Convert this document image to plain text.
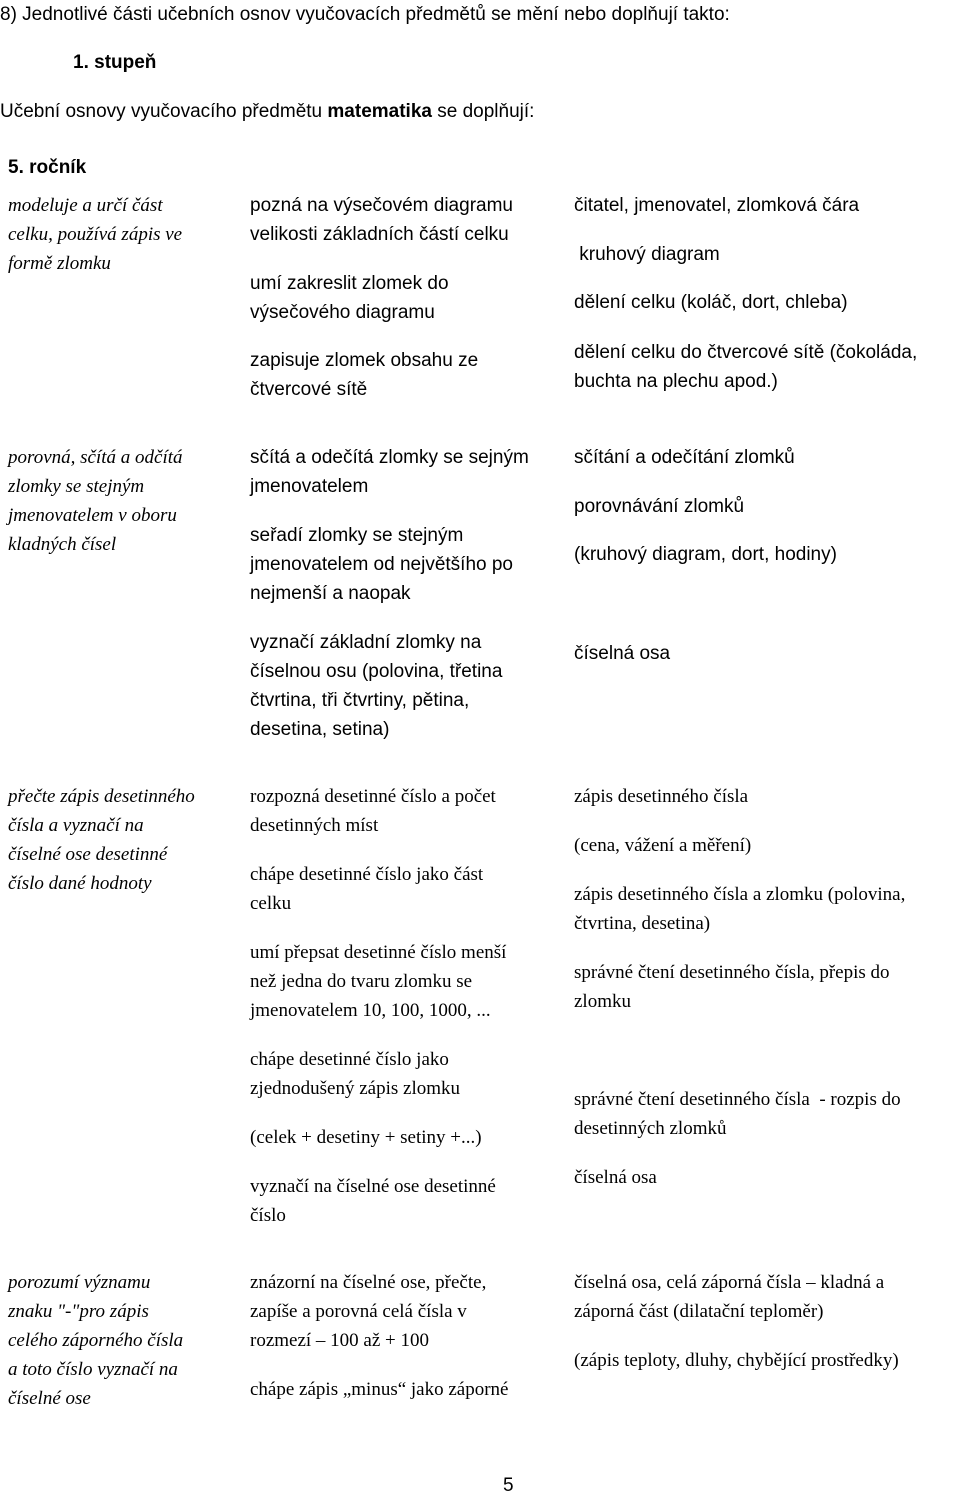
8) Jednotlivé části učebních osnov vyučovacích předmětů se mění nebo doplňují takto:
1. stupeň
Učební osnovy vyučovacího předmětu matematika se doplňují:
5. ročník
modeluje a určí část
celku, používá zápis ve
formě zlomku
pozná na výsečovém diagramu
velikosti základních částí celku
umí zakreslit zlomek do
výsečového diagramu
zapisuje zlomek obsahu ze
čtvercové sítě
čitatel, jmenovatel, zlomková čára
kruhový diagram
dělení celku (koláč, dort, chleba)
dělení celku do čtvercové sítě (čokoláda,
buchta na plechu apod.)
porovná, sčítá a odčítá
zlomky se stejným
jmenovatelem v oboru
kladných čísel
sčítá a odečítá zlomky se sejným
jmenovatelem
seřadí zlomky se stejným
jmenovatelem od největšího po
nejmenší a naopak
vyznačí základní zlomky na
číselnou osu (polovina, třetina
čtvrtina, tři čtvrtiny, pětina,
desetina, setina)
sčítání a odečítání zlomků
porovnávání zlomků
(kruhový diagram, dort, hodiny)
číselná osa
přečte zápis desetinného
čísla a vyznačí na
číselné ose desetinné
číslo dané hodnoty
rozpozná desetinné číslo a počet
desetinných míst
chápe desetinné číslo jako část
celku
umí přepsat desetinné číslo menší
než jedna do tvaru zlomku se
jmenovatelem 10, 100, 1000, ...
chápe desetinné číslo jako
zjednodušený zápis zlomku
(celek + desetiny + setiny +...)
vyznačí na číselné ose desetinné
číslo
zápis desetinného čísla
(cena, vážení a měření)
zápis desetinného čísla a zlomku (polovina,
čtvrtina, desetina)
správné čtení desetinného čísla, přepis do
zlomku
správné čtení desetinného čísla  - rozpis do
desetinných zlomků
číselná osa
porozumí významu
znaku "-"pro zápis
celého záporného čísla
a toto číslo vyznačí na
číselné ose
znázorní na číselné ose, přečte,
zapíše a porovná celá čísla v
rozmezí – 100 až + 100
chápe zápis „minus“ jako záporné
číselná osa, celá záporná čísla – kladná a
záporná část (dilatační teploměr)
(zápis teploty, dluhy, chybějící prostředky)
5
